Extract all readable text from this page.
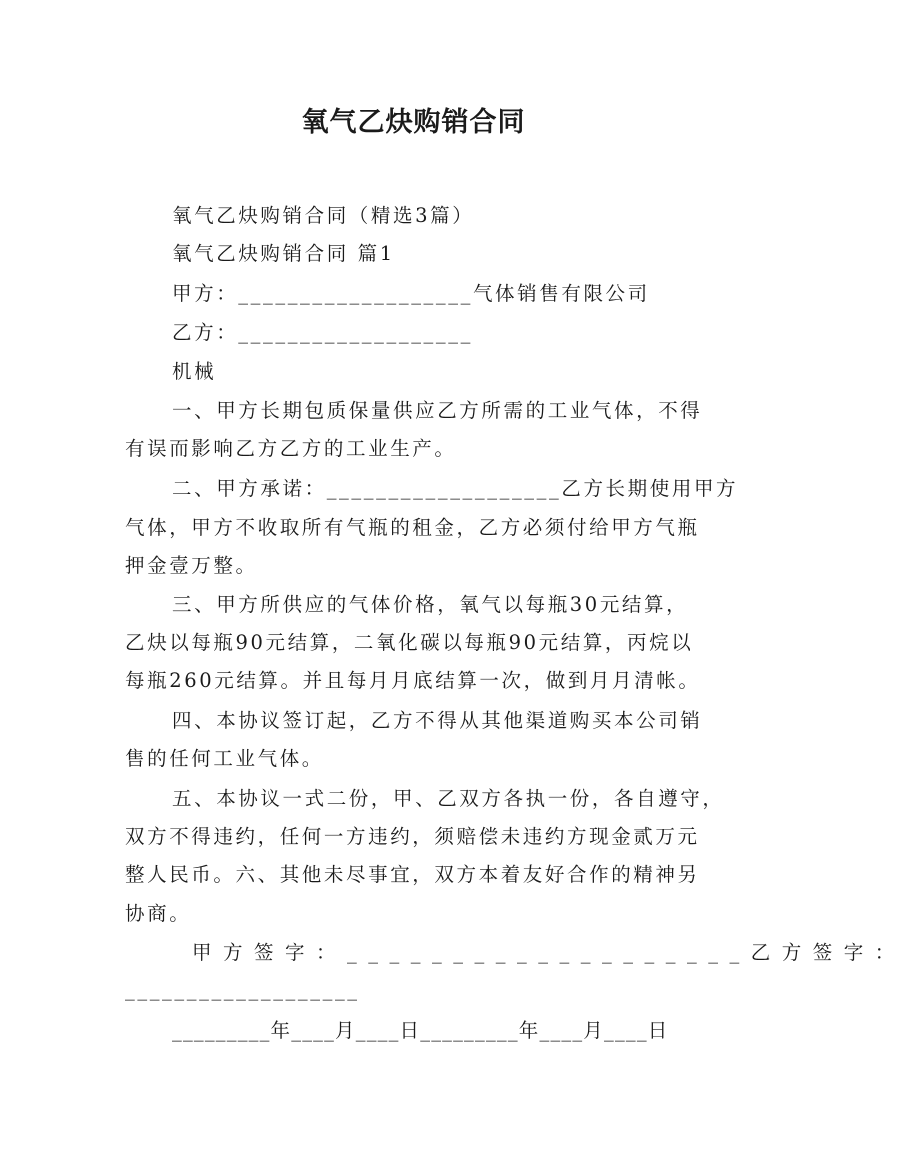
氧气乙炔购销合同
氧气乙炔购销合同（精选3篇）
氧气乙炔购销合同 篇1
甲方：___________________气体销售有限公司
乙方：___________________
机械
一、甲方长期包质保量供应乙方所需的工业气体，不得
有误而影响乙方乙方的工业生产。
二、甲方承诺：___________________乙方长期使用甲方
气体，甲方不收取所有气瓶的租金，乙方必须付给甲方气瓶
押金壹万整。
三、甲方所供应的气体价格，氧气以每瓶30元结算，
乙炔以每瓶90元结算，二氧化碳以每瓶90元结算，丙烷以
每瓶260元结算。并且每月月底结算一次，做到月月清帐。
四、本协议签订起，乙方不得从其他渠道购买本公司销
售的任何工业气体。
五、本协议一式二份，甲、乙双方各执一份，各自遵守，
双方不得违约，任何一方违约，须赔偿未违约方现金贰万元
整人民币。六、其他未尽事宜，双方本着友好合作的精神另
协商。
甲方签字：___________________乙方签字：
___________________
_________年____月____日_________年____月____日
